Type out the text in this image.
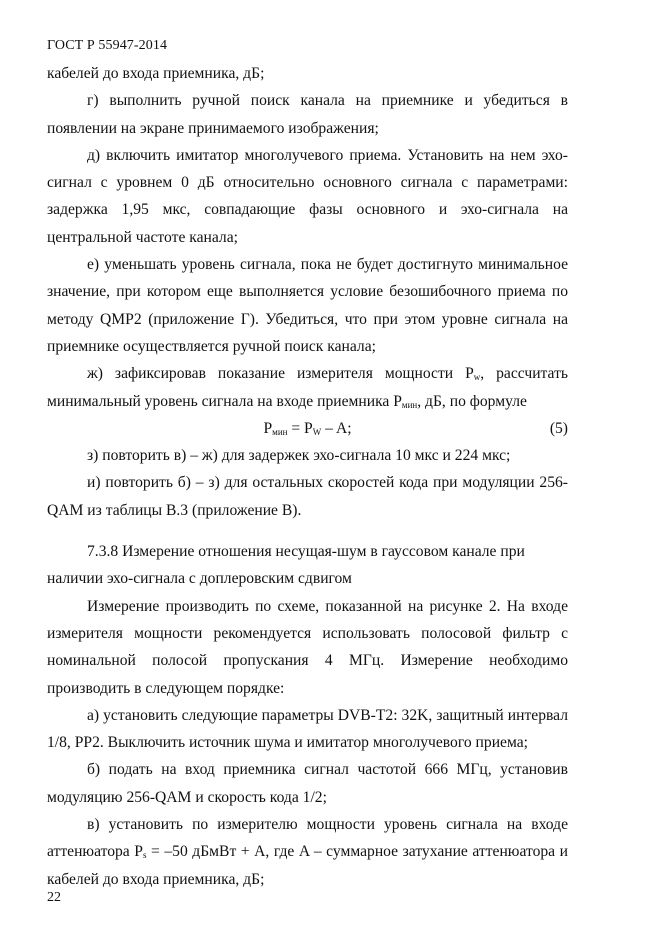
ГОСТ Р 55947-2014

кабелей до входа приемника, дБ;

г) выполнить ручной поиск канала на приемнике и убедиться в появлении на экране принимаемого изображения;

д) включить имитатор многолучевого приема. Установить на нем эхо-сигнал с уровнем 0 дБ относительно основного сигнала с параметрами: задержка 1,95 мкс, совпадающие фазы основного и эхо-сигнала на центральной частоте канала;

е) уменьшать уровень сигнала, пока не будет достигнуто минимальное значение, при котором еще выполняется условие безошибочного приема по методу QMP2 (приложение Г). Убедиться, что при этом уровне сигнала на приемнике осуществляется ручной поиск канала;

ж) зафиксировав показание измерителя мощности $P_w$, рассчитать минимальный уровень сигнала на входе приемника $P_{мин}$, дБ, по формуле

$P_{мин} = P_W - A$;	(5)

з) повторить в) – ж) для задержек эхо-сигнала 10 мкс и 224 мкс;

и) повторить б) – з) для остальных скоростей кода при модуляции 256-QAM из таблицы В.3 (приложение В).

7.3.8 Измерение отношения несущая-шум в гауссовом канале при наличии эхо-сигнала с доплеровским сдвигом

Измерение производить по схеме, показанной на рисунке 2. На входе измерителя мощности рекомендуется использовать полосовой фильтр с номинальной полосой пропускания 4 МГц. Измерение необходимо производить в следующем порядке:

а) установить следующие параметры DVB-T2: 32K, защитный интервал 1/8, PP2. Выключить источник шума и имитатор многолучевого приема;

б) подать на вход приемника сигнал частотой 666 МГц, установив модуляцию 256-QAM и скорость кода 1/2;

в) установить по измерителю мощности уровень сигнала на входе аттенюатора $P_s = -50$ дБмВт + A, где A – суммарное затухание аттенюатора и кабелей до входа приемника, дБ;

22
